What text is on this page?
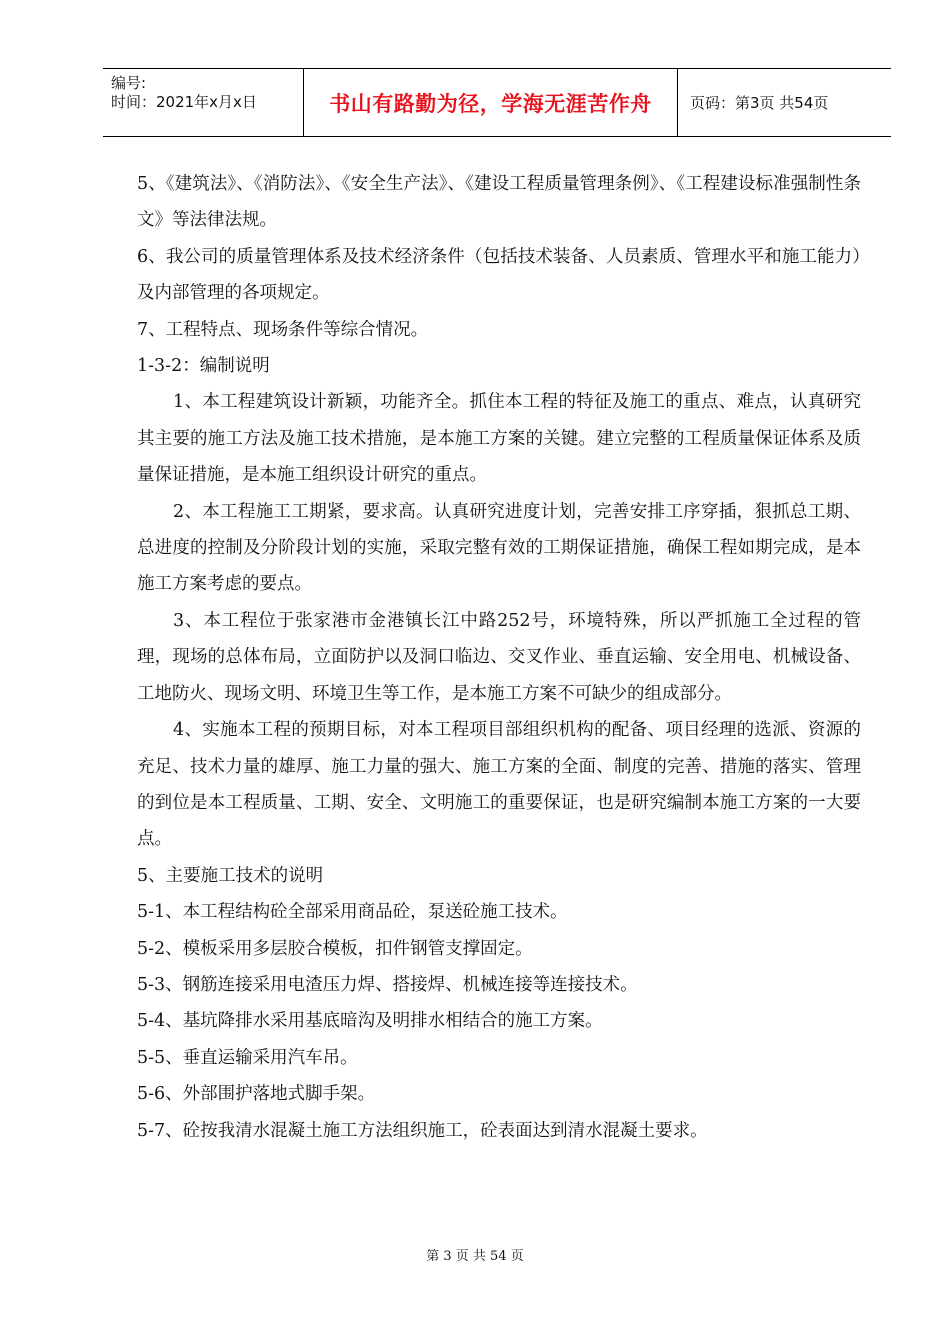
编号:
时间：2021年x月x日	书山有路勤为径，学海无涯苦作舟	页码：第3页 共54页

5、《建筑法》、《消防法》、《安全生产法》、《建设工程质量管理条例》、《工程建设标准强制性条文》等法律法规。

6、我公司的质量管理体系及技术经济条件（包括技术装备、人员素质、管理水平和施工能力）及内部管理的各项规定。

7、工程特点、现场条件等综合情况。

1-3-2：编制说明

1、本工程建筑设计新颖，功能齐全。抓住本工程的特征及施工的重点、难点，认真研究其主要的施工方法及施工技术措施，是本施工方案的关键。建立完整的工程质量保证体系及质量保证措施，是本施工组织设计研究的重点。

2、本工程施工工期紧，要求高。认真研究进度计划，完善安排工序穿插，狠抓总工期、总进度的控制及分阶段计划的实施，采取完整有效的工期保证措施，确保工程如期完成，是本施工方案考虑的要点。

3、本工程位于张家港市金港镇长江中路252号，环境特殊，所以严抓施工全过程的管理，现场的总体布局，立面防护以及洞口临边、交叉作业、垂直运输、安全用电、机械设备、工地防火、现场文明、环境卫生等工作，是本施工方案不可缺少的组成部分。

4、实施本工程的预期目标，对本工程项目部组织机构的配备、项目经理的选派、资源的充足、技术力量的雄厚、施工力量的强大、施工方案的全面、制度的完善、措施的落实、管理的到位是本工程质量、工期、安全、文明施工的重要保证，也是研究编制本施工方案的一大要点。

5、主要施工技术的说明

5-1、本工程结构砼全部采用商品砼，泵送砼施工技术。

5-2、模板采用多层胶合模板，扣件钢管支撑固定。

5-3、钢筋连接采用电渣压力焊、搭接焊、机械连接等连接技术。

5-4、基坑降排水采用基底暗沟及明排水相结合的施工方案。

5-5、垂直运输采用汽车吊。

5-6、外部围护落地式脚手架。

5-7、砼按我清水混凝土施工方法组织施工，砼表面达到清水混凝土要求。

第 3 页 共 54 页
